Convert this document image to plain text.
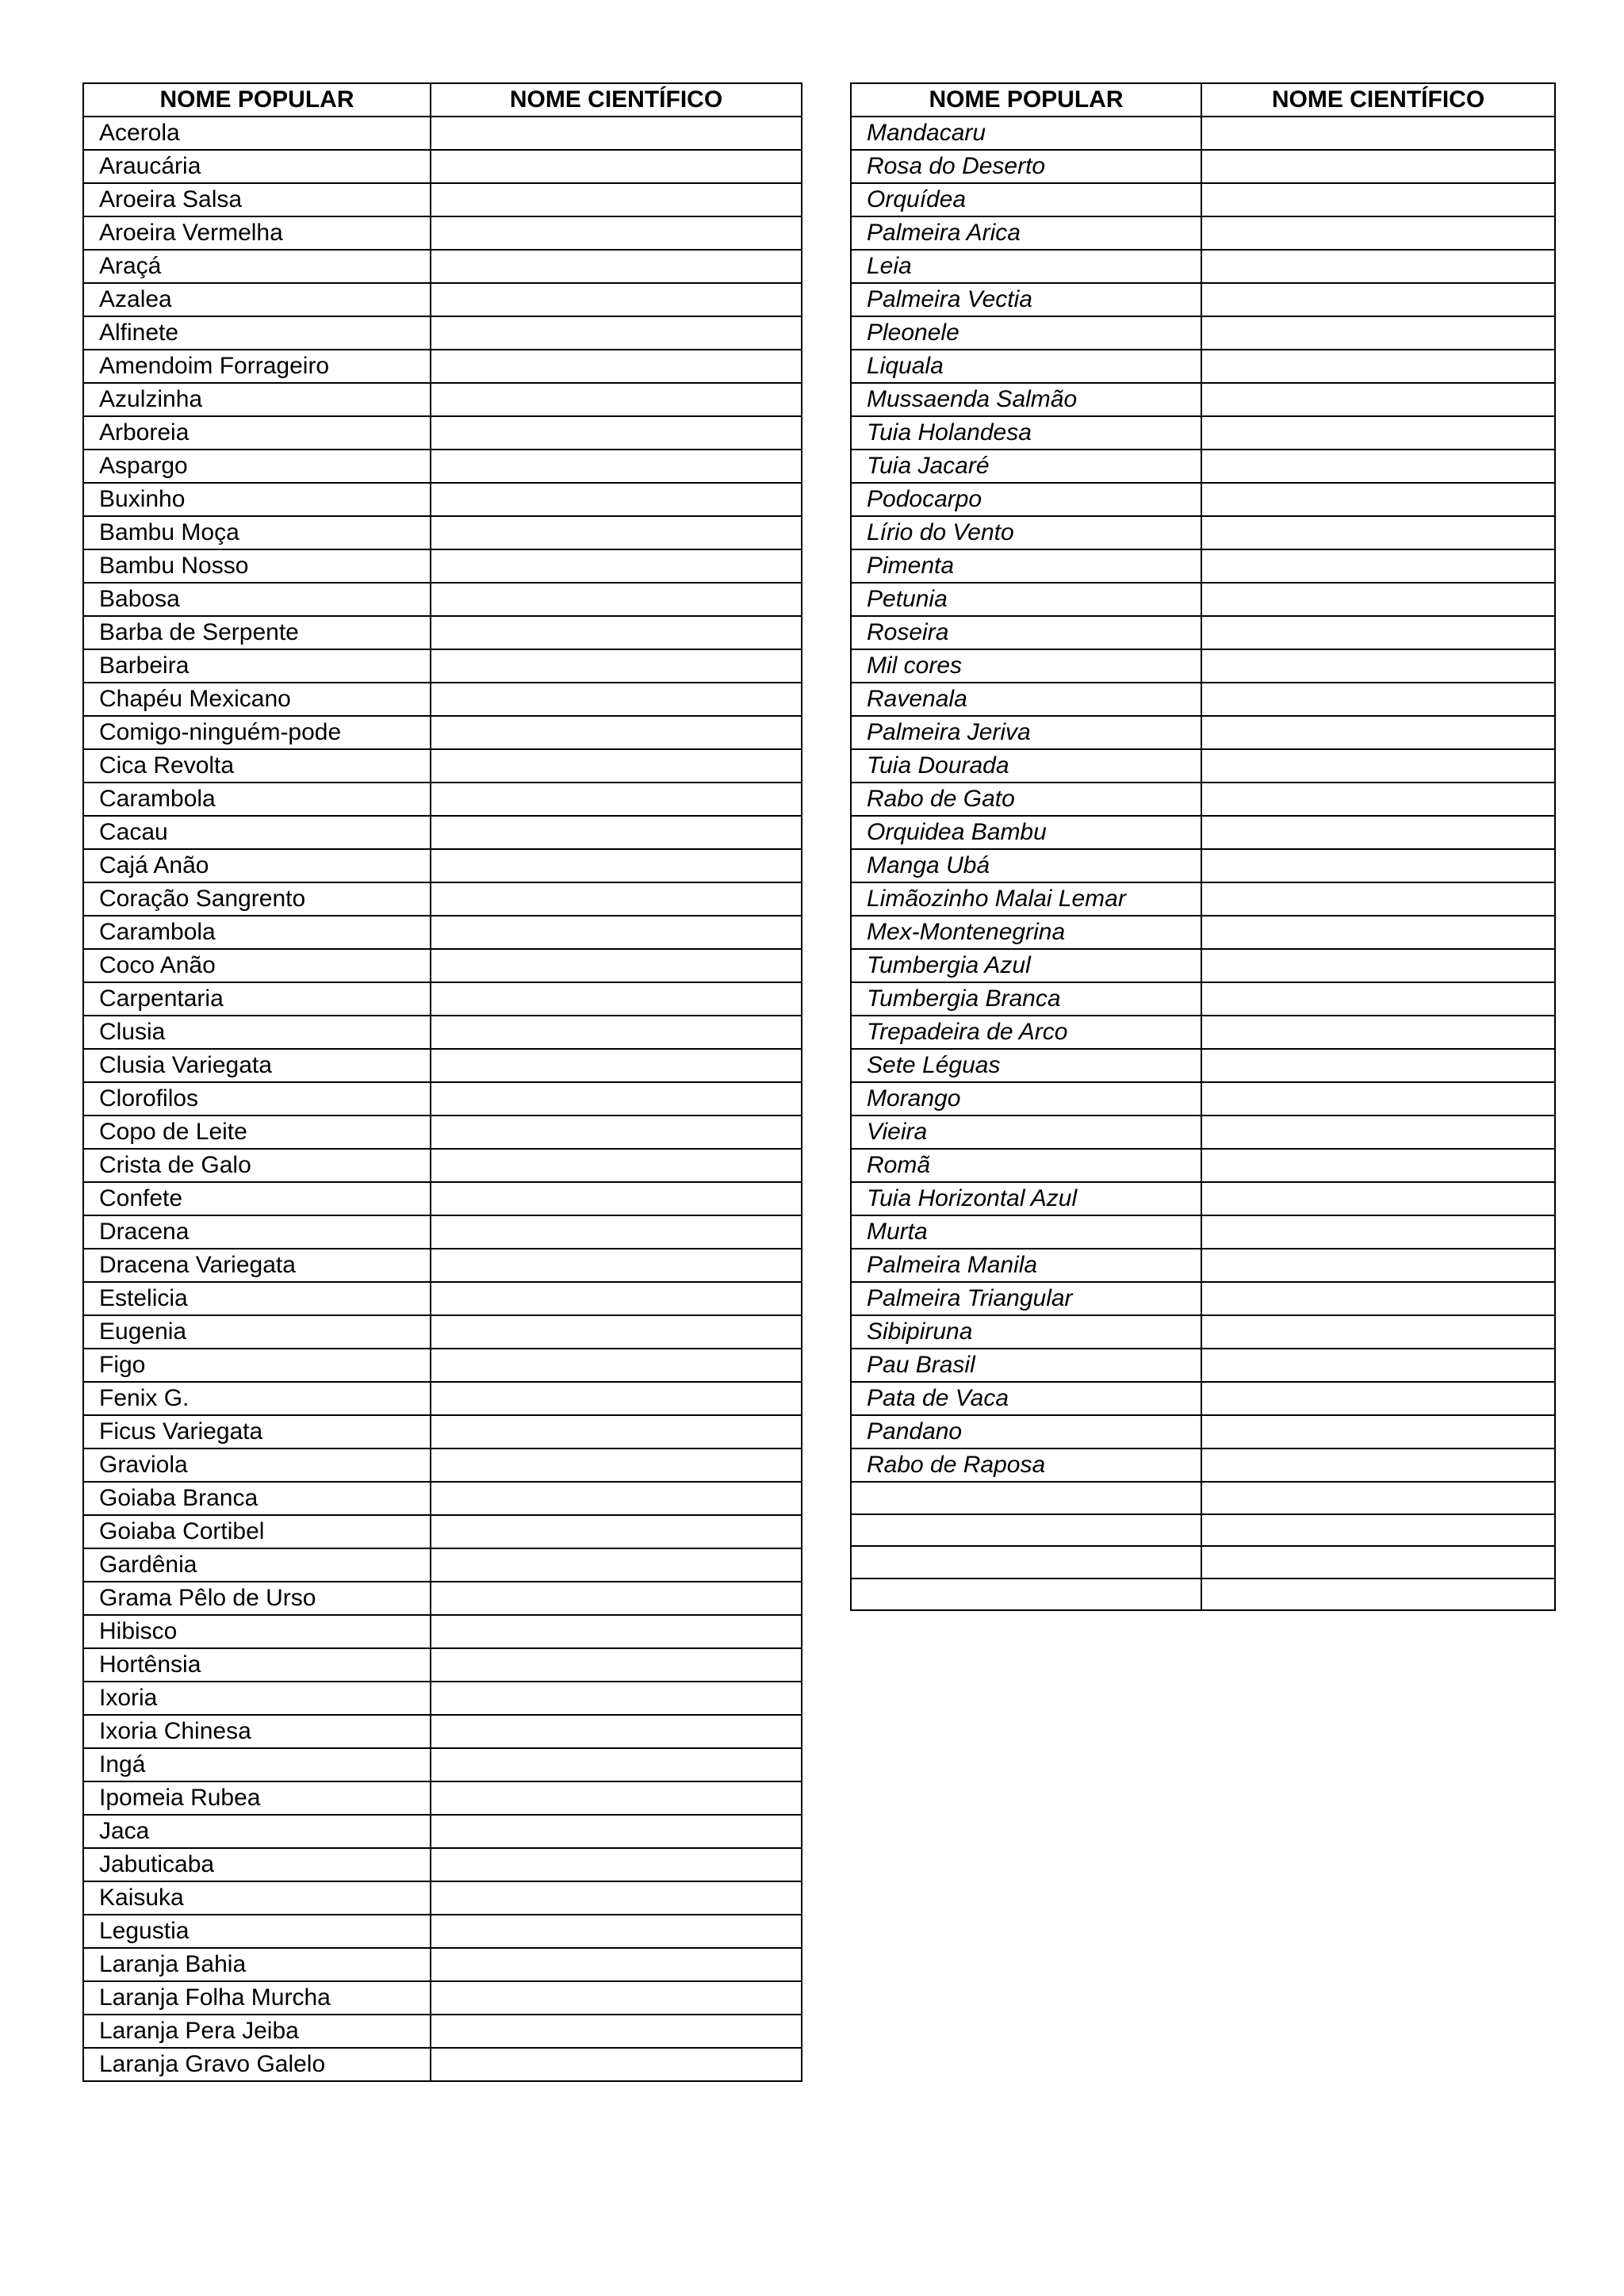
NOME POPULAR	NOME CIENTÍFICO
Acerola	
Araucária	
Aroeira Salsa	
Aroeira Vermelha	
Araçá	
Azalea	
Alfinete	
Amendoim Forrageiro	
Azulzinha	
Arboreia	
Aspargo	
Buxinho	
Bambu Moça	
Bambu Nosso	
Babosa	
Barba de Serpente	
Barbeira	
Chapéu Mexicano	
Comigo-ninguém-pode	
Cica Revolta	
Carambola	
Cacau	
Cajá Anão	
Coração Sangrento	
Carambola	
Coco Anão	
Carpentaria	
Clusia	
Clusia Variegata	
Clorofilos	
Copo de Leite	
Crista de Galo	
Confete	
Dracena	
Dracena Variegata	
Estelicia	
Eugenia	
Figo	
Fenix G.	
Ficus Variegata	
Graviola	
Goiaba Branca	
Goiaba Cortibel	
Gardênia	
Grama Pêlo de Urso	
Hibisco	
Hortênsia	
Ixoria	
Ixoria Chinesa	
Ingá	
Ipomeia Rubea	
Jaca	
Jabuticaba	
Kaisuka	
Legustia	
Laranja Bahia	
Laranja Folha Murcha	
Laranja Pera Jeiba	
Laranja Gravo Galelo	
NOME POPULAR	NOME CIENTÍFICO
Mandacaru	
Rosa do Deserto	
Orquídea	
Palmeira Arica	
Leia	
Palmeira Vectia	
Pleonele	
Liquala	
Mussaenda Salmão	
Tuia Holandesa	
Tuia Jacaré	
Podocarpo	
Lírio do Vento	
Pimenta	
Petunia	
Roseira	
Mil cores	
Ravenala	
Palmeira Jeriva	
Tuia Dourada	
Rabo de Gato	
Orquidea Bambu	
Manga Ubá	
Limãozinho Malai Lemar	
Mex-Montenegrina	
Tumbergia Azul	
Tumbergia Branca	
Trepadeira de Arco	
Sete Léguas	
Morango	
Vieira	
Romã	
Tuia Horizontal Azul	
Murta	
Palmeira Manila	
Palmeira Triangular	
Sibipiruna	
Pau Brasil	
Pata de Vaca	
Pandano	
Rabo de Raposa	
